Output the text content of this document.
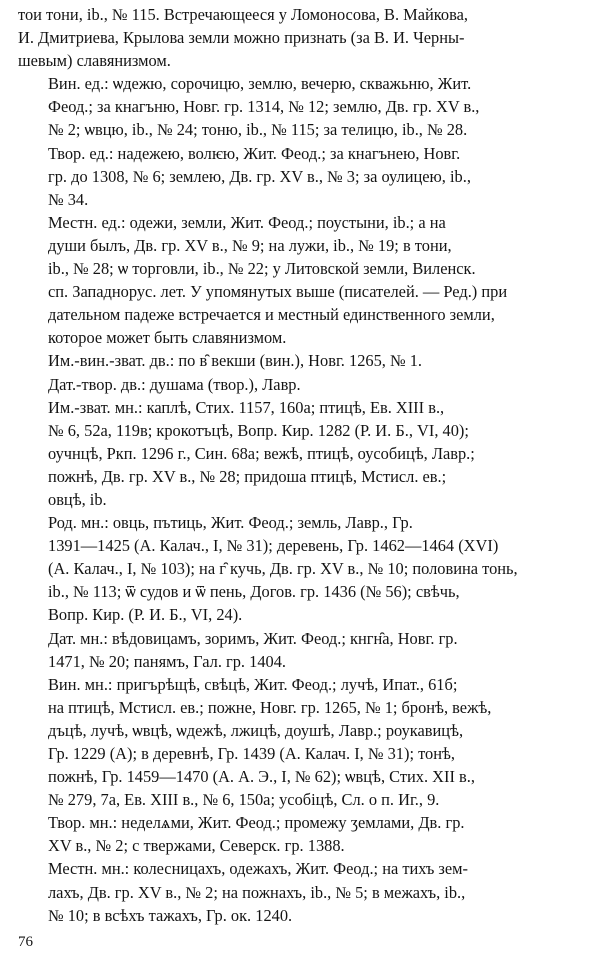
тои тони, ib., № 115. Встречающееся у Ломоносова, В. Майкова,
И. Дмитриева, Крылова земли можно признать (за В. И. Черны-
шевым) славянизмом.
Вин. ед.: ѡдежю, сорочицю, землю, вечерю, скважьню, Жит.
Феод.; за кнагъню, Новг. гр. 1314, № 12; землю, Дв. гр. XV в.,
№ 2; ѡвцю, ib., № 24; тоню, ib., № 115; за телицю, ib., № 28.
Твор. ед.: надежею, волѥю, Жит. Феод.; за кнагънею, Новг.
гр. до 1308, № 6; землею, Дв. гр. XV в., № 3; за оулицею, ib.,
№ 34.
Местн. ед.: одежи, земли, Жит. Феод.; поустыни, ib.; а на
души былъ, Дв. гр. XV в., № 9; на лужи, ib., № 19; в тони,
ib., № 28; ѡ торговли, ib., № 22; у Литовской земли, Виленск.
сп. Западнорус. лет. У упомянутых выше (писателей. — Ред.) при
дательном падеже встречается и местный единственного земли,
которое может быть славянизмом.
Им.-вин.-зват. дв.: по в̑ векши (вин.), Новг. 1265, № 1.
Дат.-твор. дв.: душама (твор.), Лавр.
Им.-зват. мн.: каплѣ, Стих. 1157, 160а; птицѣ, Ев. XIII в.,
№ 6, 52а, 119в; крокотъцѣ, Вопр. Кир. 1282 (Р. И. Б., VI, 40);
оучнцѣ, Ркп. 1296 г., Син. 68а; вежѣ, птицѣ, оусобицѣ, Лавр.;
пожнѣ, Дв. гр. XV в., № 28; придоша птицѣ, Мстисл. ев.;
овцѣ, ib.
Род. мн.: овць, пътиць, Жит. Феод.; земль, Лавр., Гр.
1391—1425 (А. Калач., I, № 31); деревень, Гр. 1462—1464 (XVI)
(А. Калач., I, № 103); на г̑ кучь, Дв. гр. XV в., № 10; половина тонь,
ib., № 113; ѿ судов и ѿ пень, Догов. гр. 1436 (№ 56); свѣчь,
Вопр. Кир. (Р. И. Б., VI, 24).
Дат. мн.: вѣдовицамъ, зоримъ, Жит. Феод.; кнгн̑а, Новг. гр.
1471, № 20; панямъ, Гал. гр. 1404.
Вин. мн.: пригърѣщѣ, свѣцѣ, Жит. Феод.; лучѣ, Ипат., 61б;
на птицѣ, Мстисл. ев.; пожне, Новг. гр. 1265, № 1; бронѣ, вежѣ,
дъцѣ, лучѣ, ѡвцѣ, ѡдежѣ, лжицѣ, доушѣ, Лавр.; роукавицѣ,
Гр. 1229 (А); в деревнѣ, Гр. 1439 (А. Калач. I, № 31); тонѣ,
пожнѣ, Гр. 1459—1470 (А. А. Э., I, № 62); ѡвцѣ, Стих. XII в.,
№ 279, 7а, Ев. XIII в., № 6, 150а; усобіцѣ, Сл. о п. Иг., 9.
Твор. мн.: неделѧми, Жит. Феод.; промежу ӡемлами, Дв. гр.
XV в., № 2; с твержами, Северск. гр. 1388.
Местн. мн.: колесницахъ, одежахъ, Жит. Феод.; на тихъ зем-
лахъ, Дв. гр. XV в., № 2; на пожнахъ, ib., № 5; в межахъ, ib.,
№ 10; в всѣхъ тажахъ, Гр. ок. 1240.
76
